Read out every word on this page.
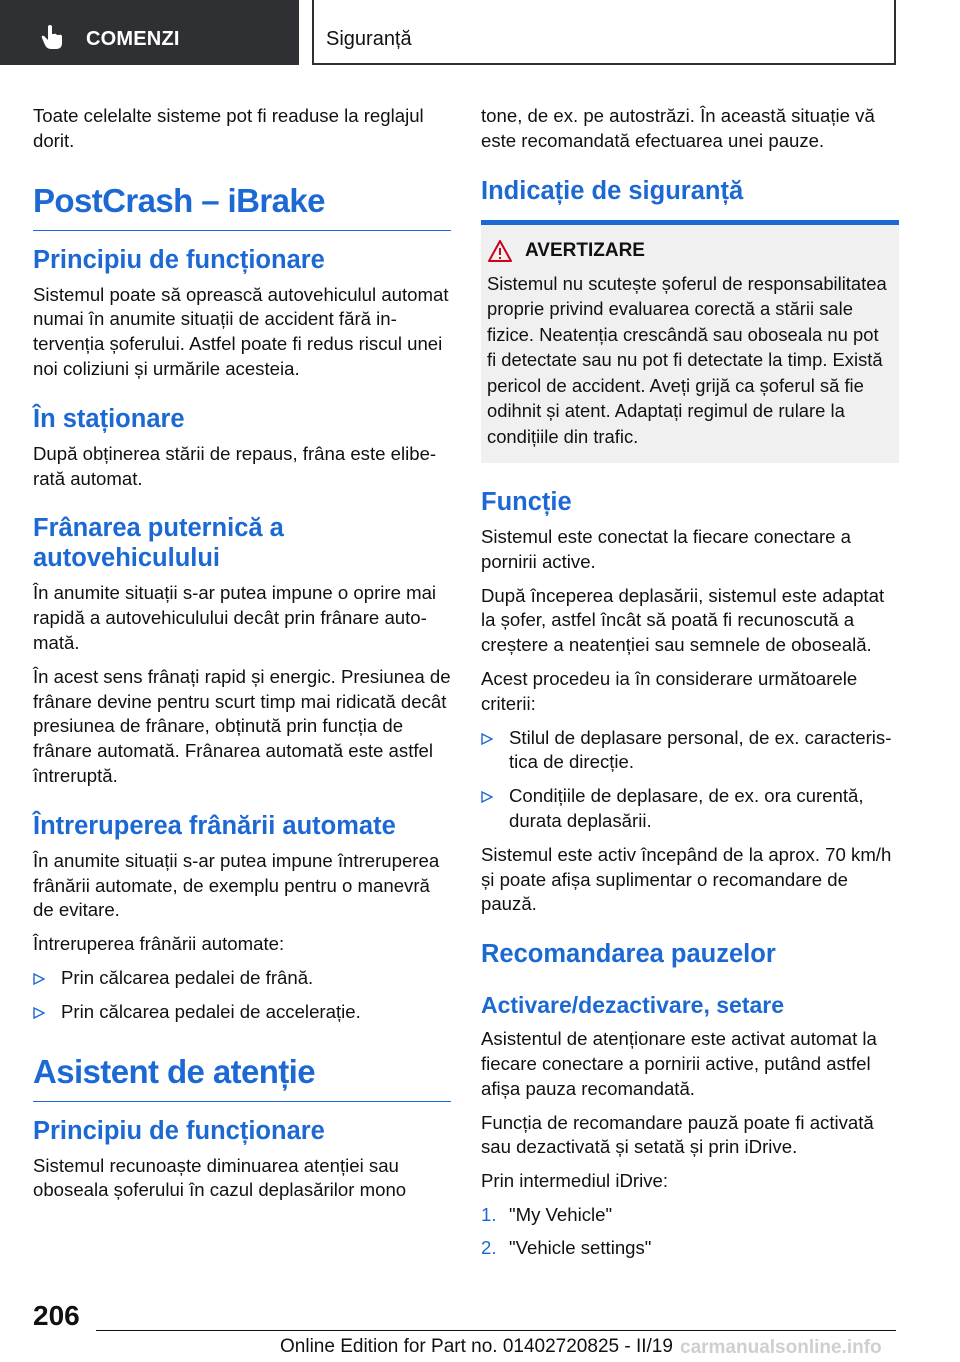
COMENZI	Siguranță

Toate celelalte sisteme pot fi readuse la reglajul dorit.

PostCrash – iBrake
Principiu de funcționare

Sistemul poate să oprească autovehiculul automat numai în anumite situații de accident fără intervenția șoferului. Astfel poate fi redus riscul unei noi coliziuni și urmările acesteia.

În staționare

După obținerea stării de repaus, frâna este eliberată automat.

Frânarea puternică a autovehiculului

În anumite situații s-ar putea impune o oprire mai rapidă a autovehiculului decât prin frânare automată.

În acest sens frânați rapid și energic. Presiunea de frânare devine pentru scurt timp mai ridicată decât presiunea de frânare, obținută prin funcția de frânare automată. Frânarea automată este astfel întreruptă.

Întreruperea frânării automate

În anumite situații s-ar putea impune întreruperea frânării automate, de exemplu pentru o manevră de evitare.

Întreruperea frânării automate:

Prin călcarea pedalei de frână.
Prin călcarea pedalei de accelerație.
Asistent de atenție
Principiu de funcționare

Sistemul recunoaște diminuarea atenției sau oboseala șoferului în cazul deplasărilor mono

tone, de ex. pe autostrăzi. În această situație vă este recomandată efectuarea unei pauze.

Indicație de siguranță
AVERTIZARE

Sistemul nu scutește șoferul de responsabilitatea proprie privind evaluarea corectă a stării sale fizice. Neatenția crescândă sau oboseala nu pot fi detectate sau nu pot fi detectate la timp. Există pericol de accident. Aveți grijă ca șoferul să fie odihnit și atent. Adaptați regimul de rulare la condițiile din trafic.

Funcție

Sistemul este conectat la fiecare conectare a pornirii active.

După începerea deplasării, sistemul este adaptat la șofer, astfel încât să poată fi recunoscută a creștere a neatenției sau semnele de oboseală.

Acest procedeu ia în considerare următoarele criterii:

Stilul de deplasare personal, de ex. caracteristica de direcție.
Condițiile de deplasare, de ex. ora curentă, durata deplasării.

Sistemul este activ începând de la aprox. 70 km/h și poate afișa suplimentar o recomandare de pauză.

Recomandarea pauzelor
Activare/dezactivare, setare

Asistentul de atenționare este activat automat la fiecare conectare a pornirii active, putând astfel afișa pauza recomandată.

Funcția de recomandare pauză poate fi activată sau dezactivată și setată și prin iDrive.

Prin intermediul iDrive:

1. "My Vehicle"
2. "Vehicle settings"
206
Online Edition for Part no. 01402720825 - II/19 carmanualsonline.info
